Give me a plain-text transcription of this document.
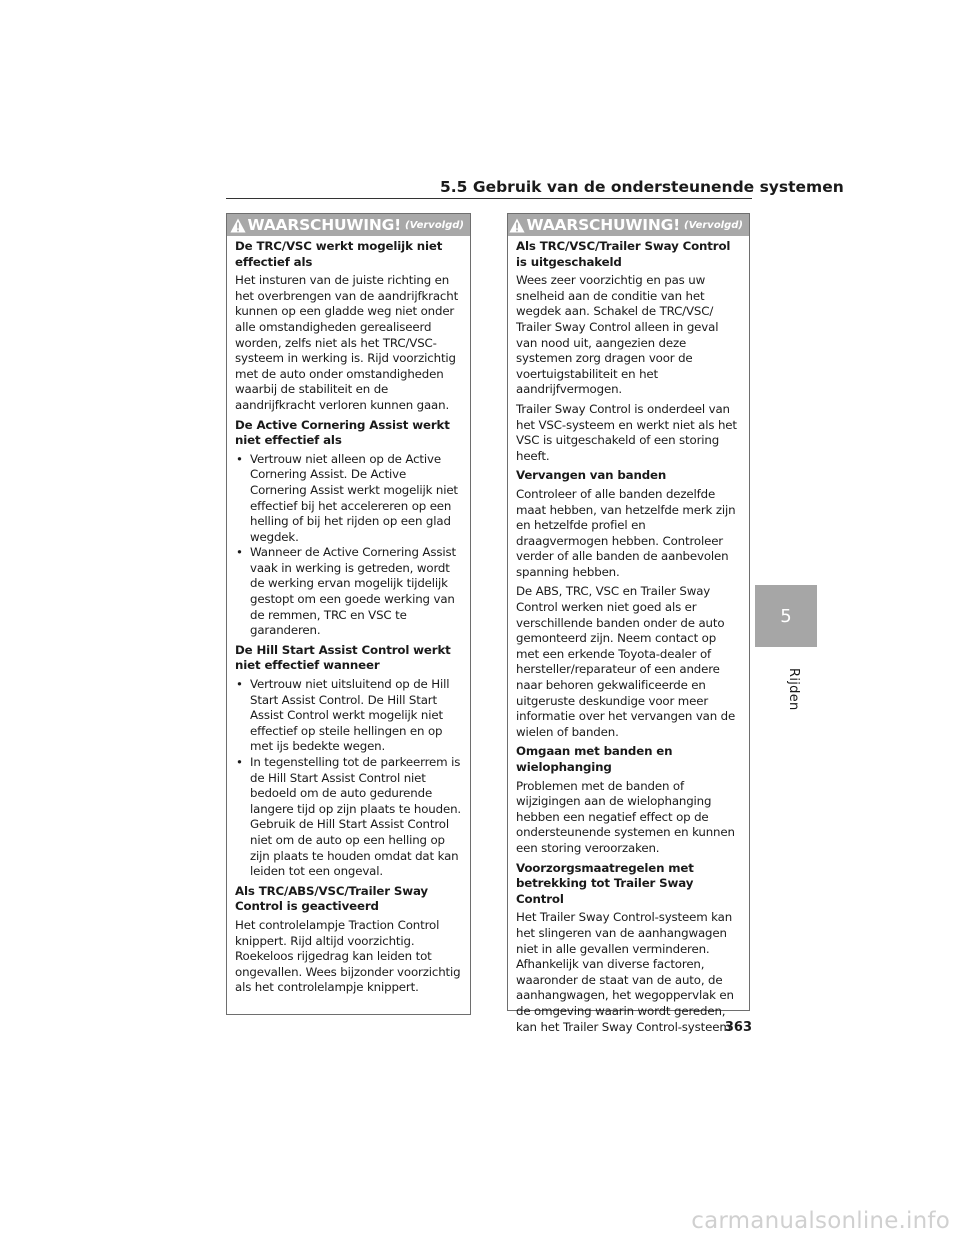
5.5 Gebruik van de ondersteunende systemen
5
Rijden
WAARSCHUWING! (Vervolgd)
De TRC/VSC werkt mogelijk niet effectief als

Het insturen van de juiste richting en het overbrengen van de aandrijfkracht kunnen op een gladde weg niet onder alle omstandigheden gerealiseerd worden, zelfs niet als het TRC/VSC-systeem in werking is. Rijd voorzichtig met de auto onder omstandigheden waarbij de stabiliteit en de aandrijfkracht verloren kunnen gaan.

De Active Cornering Assist werkt niet effectief als
• Vertrouw niet alleen op de Active Cornering Assist. De Active Cornering Assist werkt mogelijk niet effectief bij het accelereren op een helling of bij het rijden op een glad wegdek.
• Wanneer de Active Cornering Assist vaak in werking is getreden, wordt de werking ervan mogelijk tijdelijk gestopt om een goede werking van de remmen, TRC en VSC te garanderen.
De Hill Start Assist Control werkt niet effectief wanneer
• Vertrouw niet uitsluitend op de Hill Start Assist Control. De Hill Start Assist Control werkt mogelijk niet effectief op steile hellingen en op met ijs bedekte wegen.
• In tegenstelling tot de parkeerrem is de Hill Start Assist Control niet bedoeld om de auto gedurende langere tijd op zijn plaats te houden. Gebruik de Hill Start Assist Control niet om de auto op een helling op zijn plaats te houden omdat dat kan leiden tot een ongeval.
Als TRC/ABS/VSC/Trailer Sway Control is geactiveerd

Het controlelampje Traction Control knippert. Rijd altijd voorzichtig. Roekeloos rijgedrag kan leiden tot ongevallen. Wees bijzonder voorzichtig als het controlelampje knippert.

WAARSCHUWING! (Vervolgd)
Als TRC/VSC/Trailer Sway Control is uitgeschakeld

Wees zeer voorzichtig en pas uw snelheid aan de conditie van het wegdek aan. Schakel de TRC/VSC/ Trailer Sway Control alleen in geval van nood uit, aangezien deze systemen zorg dragen voor de voertuigstabiliteit en het aandrijfvermogen.

Trailer Sway Control is onderdeel van het VSC-systeem en werkt niet als het VSC is uitgeschakeld of een storing heeft.

Vervangen van banden

Controleer of alle banden dezelfde maat hebben, van hetzelfde merk zijn en hetzelfde profiel en draagvermogen hebben. Controleer verder of alle banden de aanbevolen spanning hebben.

De ABS, TRC, VSC en Trailer Sway Control werken niet goed als er verschillende banden onder de auto gemonteerd zijn. Neem contact op met een erkende Toyota-dealer of hersteller/reparateur of een andere naar behoren gekwalificeerde en uitgeruste deskundige voor meer informatie over het vervangen van de wielen of banden.

Omgaan met banden en wielophanging

Problemen met de banden of wijzigingen aan de wielophanging hebben een negatief effect op de ondersteunende systemen en kunnen een storing veroorzaken.

Voorzorgsmaatregelen met betrekking tot Trailer Sway Control

Het Trailer Sway Control-systeem kan het slingeren van de aanhangwagen niet in alle gevallen verminderen. Afhankelijk van diverse factoren, waaronder de staat van de auto, de aanhangwagen, het wegoppervlak en de omgeving waarin wordt gereden, kan het Trailer Sway Control-systeem

363
carmanualsonline.info
